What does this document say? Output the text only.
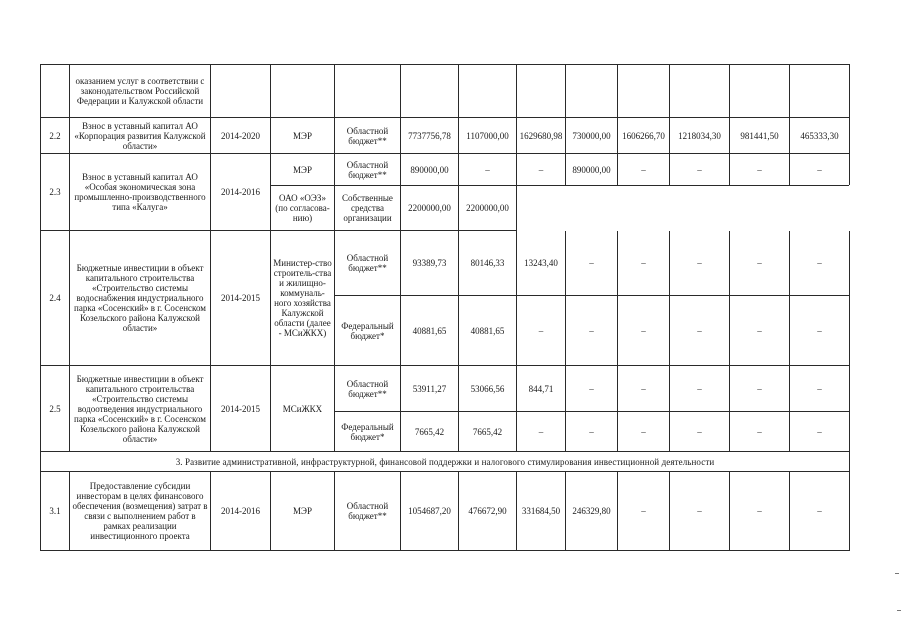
	оказанием услуг в соответствии с законодательством Российской Федерации и Калужской области											
2.2	Взнос в уставный капитал АО «Корпорация развития Калужской области»	2014-2020	МЭР	Областной бюджет**	7737756,78	1107000,00	1629680,98	730000,00	1606266,70	1218034,30	981441,50	465333,30
2.3	Взнос в уставный капитал АО «Особая экономическая зона промышленно-производственного типа «Калуга»	2014-2016	МЭР	Областной бюджет**	890000,00	–	–	890000,00	–	–	–	–
			ОАО «ОЭЗ» (по согласова-нию)	Собственные средства организации	2200000,00	2200000,00						
2.4	Бюджетные инвестиции в объект капитального строительства «Строительство системы водоснабжения индустриального парка «Сосенский» в г. Сосенском Козельского района Калужской области»	2014-2015	Министер-ство строитель-ства и жилищно-коммуналь-ного хозяйства Калужской области (далее - МСиЖКХ)	Областной бюджет**	93389,73	80146,33	13243,40	–	–	–	–	–
				Федеральный бюджет*	40881,65	40881,65	–	–	–	–	–	–
2.5	Бюджетные инвестиции в объект капитального строительства «Строительство системы водоотведения индустриального парка «Сосенский» в г. Сосенском Козельского района Калужской области»	2014-2015	МСиЖКХ	Областной бюджет**	53911,27	53066,56	844,71	–	–	–	–	–
				Федеральный бюджет*	7665,42	7665,42	–	–	–	–	–	–
3. Развитие административной, инфраструктурной, финансовой поддержки и налогового стимулирования инвестиционной деятельности												
3.1	Предоставление субсидии инвесторам в целях финансового обеспечения (возмещения) затрат в связи с выполнением работ в рамках реализации инвестиционного проекта	2014-2016	МЭР	Областной бюджет**	1054687,20	476672,90	331684,50	246329,80	–	–	–	–
